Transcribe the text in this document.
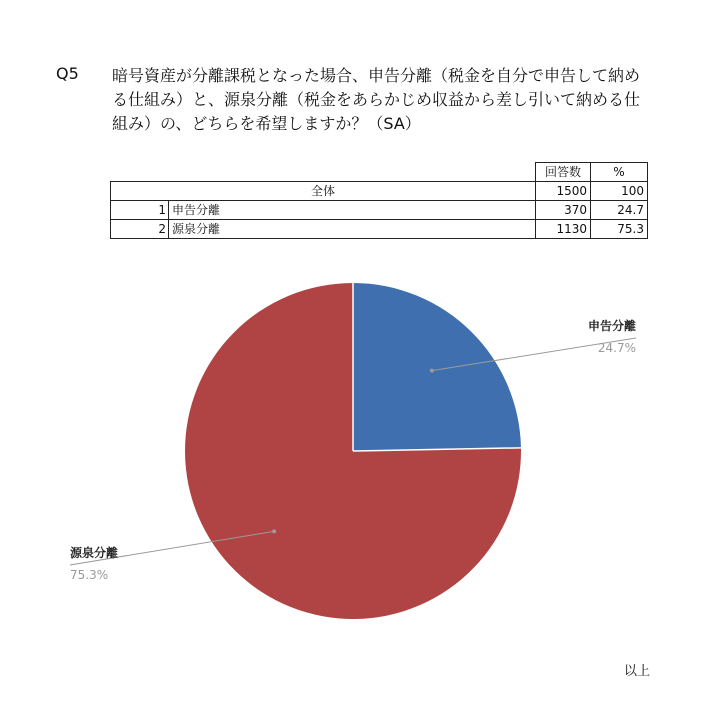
Q5 暗号資産が分離課税となった場合、申告分離（税金を自分で申告して納める仕組み）と、源泉分離（税金をあらかじめ収益から差し引いて納める仕組み）の、どちらを希望しますか？（SA）
		回答数	%
全体		1500	100
1	申告分離	370	24.7
2	源泉分離	1130	75.3
申告分離
24.7%
源泉分離
75.3%
以上
